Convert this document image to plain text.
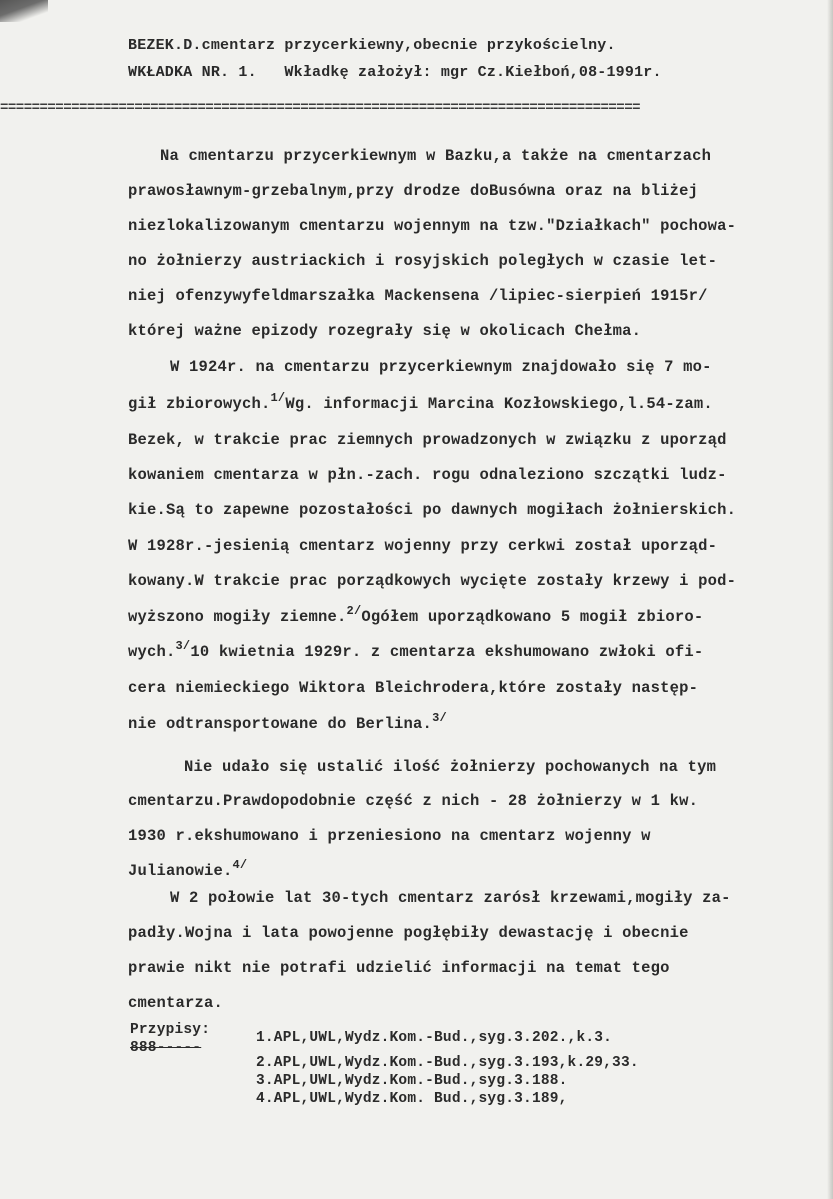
BEZEK.D.cmentarz przycerkiewny,obecnie przykościelny.
WKŁADKA NR. 1.   Wkładkę założył: mgr Cz.Kiełboń,08-1991r.
=================================================================================
Na cmentarzu przycerkiewnym w Bazku,a także na cmentarzach
prawosławnym-grzebalnym,przy drodze doBusówna oraz na bliżej
niezlokalizowanym cmentarzu wojennym na tzw."Działkach" pochowa-
no żołnierzy austriackich i rosyjskich poległych w czasie let-
niej ofenzywyfeldmarszałka Mackensena /lipiec-sierpień 1915r/
której ważne epizody rozegrały się w okolicach Chełma.
W 1924r. na cmentarzu przycerkiewnym znajdowało się 7 mo-
gił zbiorowych.$^{1/}$Wg. informacji Marcina Kozłowskiego,l.54-zam.
Bezek, w trakcie prac ziemnych prowadzonych w związku z uporząd
kowaniem cmentarza w płn.-zach. rogu odnaleziono szczątki ludz-
kie.Są to zapewne pozostałości po dawnych mogiłach żołnierskich.
W 1928r.-jesienią cmentarz wojenny przy cerkwi został uporząd-
kowany.W trakcie prac porządkowych wycięte zostały krzewy i pod-
wyższono mogiły ziemne.$^{2/}$Ogółem uporządkowano 5 mogił zbioro-
wych.$^{3/}$10 kwietnia 1929r. z cmentarza ekshumowano zwłoki ofi-
cera niemieckiego Wiktora Bleichrodera,które zostały następ-
nie odtransportowane do Berlina.$^{3/}$
Nie udało się ustalić ilość żołnierzy pochowanych na tym
cmentarzu.Prawdopodobnie część z nich - 28 żołnierzy w 1 kw.
1930 r.ekshumowano i przeniesiono na cmentarz wojenny w
Julianowie.$^{4/}$
W 2 połowie lat 30-tych cmentarz zarósł krzewami,mogiły za-
padły.Wojna i lata powojenne pogłębiły dewastację i obecnie
prawie nikt nie potrafi udzielić informacji na temat tego
cmentarza.
Przypisy:
888-----
1.APL,UWL,Wydz.Kom.-Bud.,syg.3.202.,k.3.
2.APL,UWL,Wydz.Kom.-Bud.,syg.3.193,k.29,33.
3.APL,UWL,Wydz.Kom.-Bud.,syg.3.188.
4.APL,UWL,Wydz.Kom. Bud.,syg.3.189,
